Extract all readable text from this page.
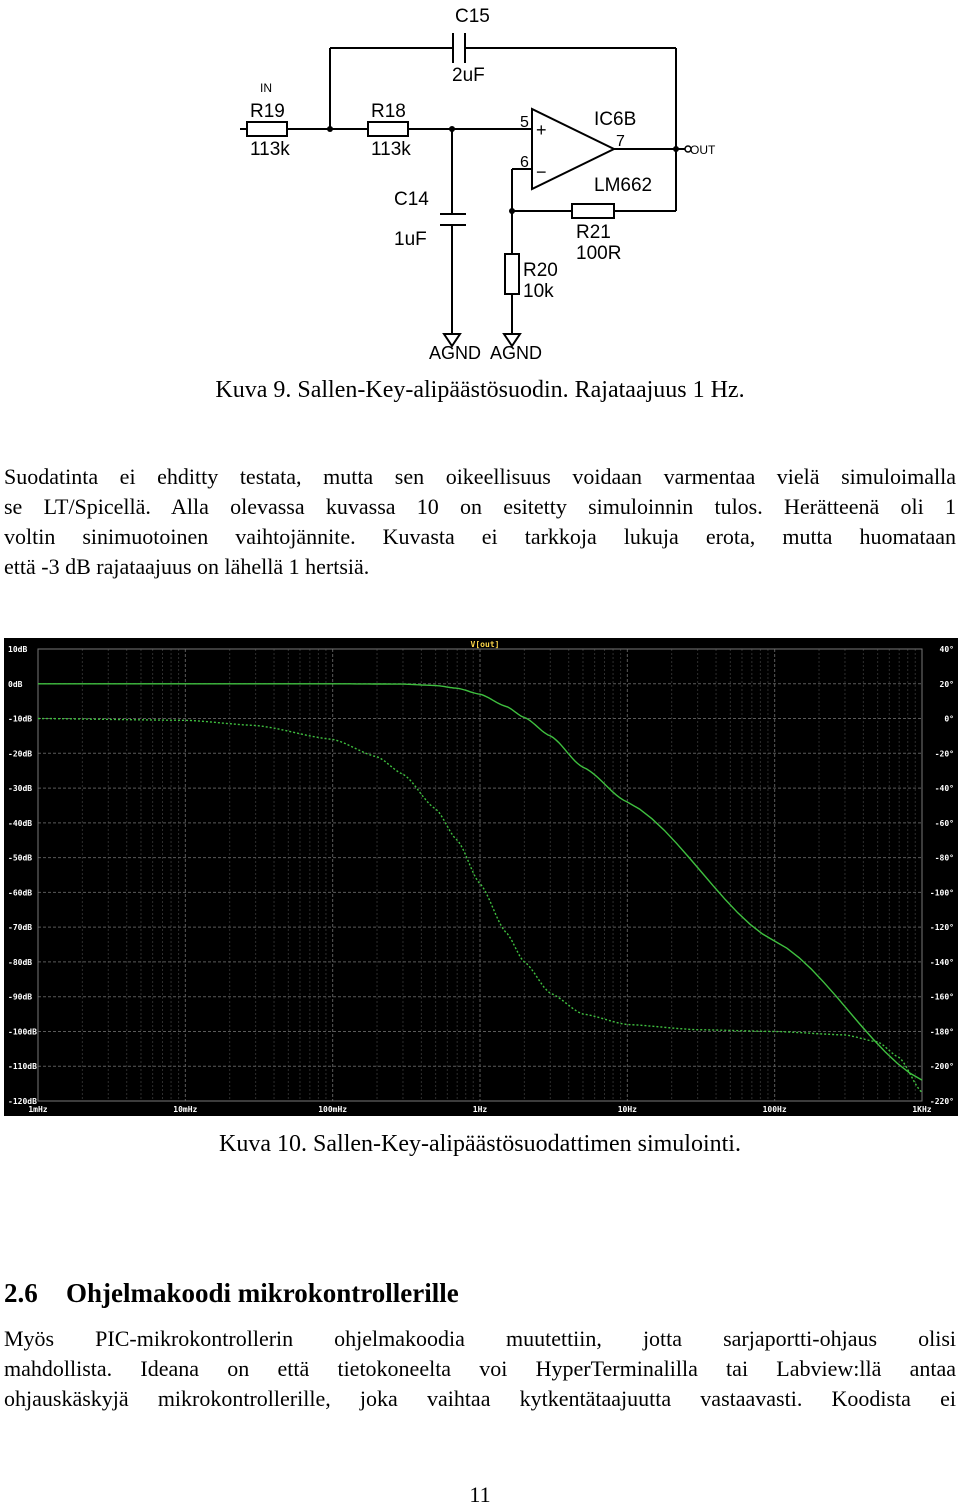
IN
OUT
C15
2uF
R19
113k
R18
113k
C14
1uF
IC6B
LM662
5
6
7
+
−
R21
100R
R20
10k
AGND AGND
Kuva 9. Sallen-Key-alipäästösuodin. Rajataajuus 1 Hz.
Suodatinta ei ehditty testata, mutta sen oikeellisuus voidaan varmentaa vielä simuloimalla
se LT/Spicellä. Alla olevassa kuvassa 10 on esitetty simuloinnin tulos. Herätteenä oli 1
voltin sinimuotoinen vaihtojännite. Kuvasta ei tarkkoja lukuja erota, mutta huomataan
että -3 dB rajataajuus on lähellä 1 hertsiä.
1mHz	10mHz	100mHz	1Hz	10Hz	100Hz	1KHz
10dB	40°
0dB	20°
-10dB	0°
-20dB	-20°
-30dB	-40°
-40dB	-60°
-50dB	-80°
-60dB	-100°
-70dB	-120°
-80dB	-140°
-90dB	-160°
-100dB	-180°
-110dB	-200°
-120dB	-220°
V[out]
Kuva 10. Sallen-Key-alipäästösuodattimen simulointi.
2.6 Ohjelmakoodi mikrokontrollerille
Myös PIC-mikrokontrollerin ohjelmakoodia muutettiin, jotta sarjaportti-ohjaus olisi
mahdollista. Ideana on että tietokoneelta voi HyperTerminalilla tai Labview:llä antaa
ohjauskäskyjä mikrokontrollerille, joka vaihtaa kytkentätaajuutta vastaavasti. Koodista ei
11
